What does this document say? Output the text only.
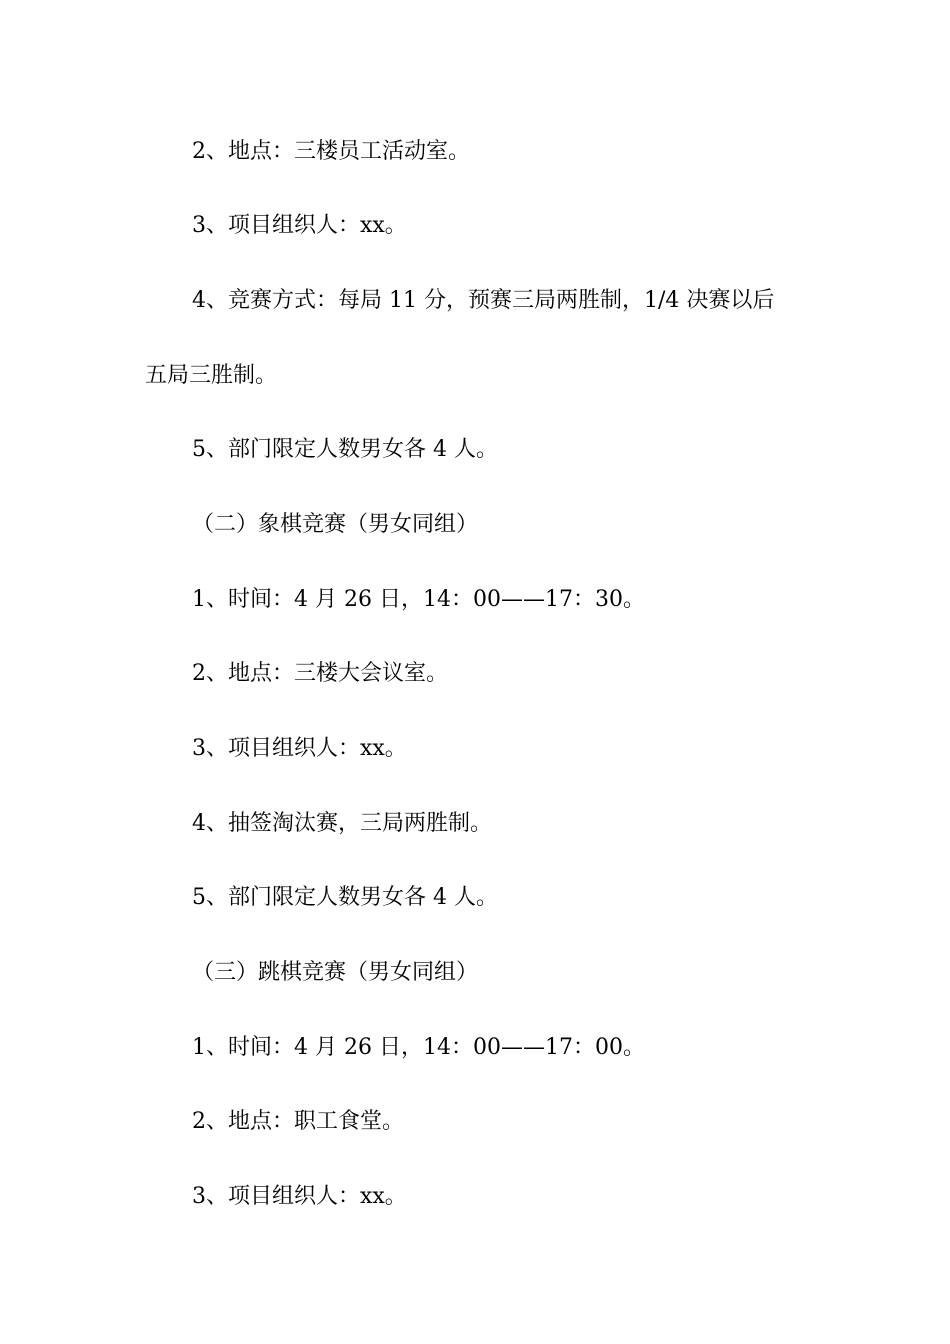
2、地点：三楼员工活动室。
3、项目组织人：xx。
4、竞赛方式：每局 11 分，预赛三局两胜制，1/4 决赛以后
五局三胜制。
5、部门限定人数男女各 4 人。
（二）象棋竞赛（男女同组）
1、时间：4 月 26 日，14：00——17：30。
2、地点：三楼大会议室。
3、项目组织人：xx。
4、抽签淘汰赛，三局两胜制。
5、部门限定人数男女各 4 人。
（三）跳棋竞赛（男女同组）
1、时间：4 月 26 日，14：00——17：00。
2、地点：职工食堂。
3、项目组织人：xx。
